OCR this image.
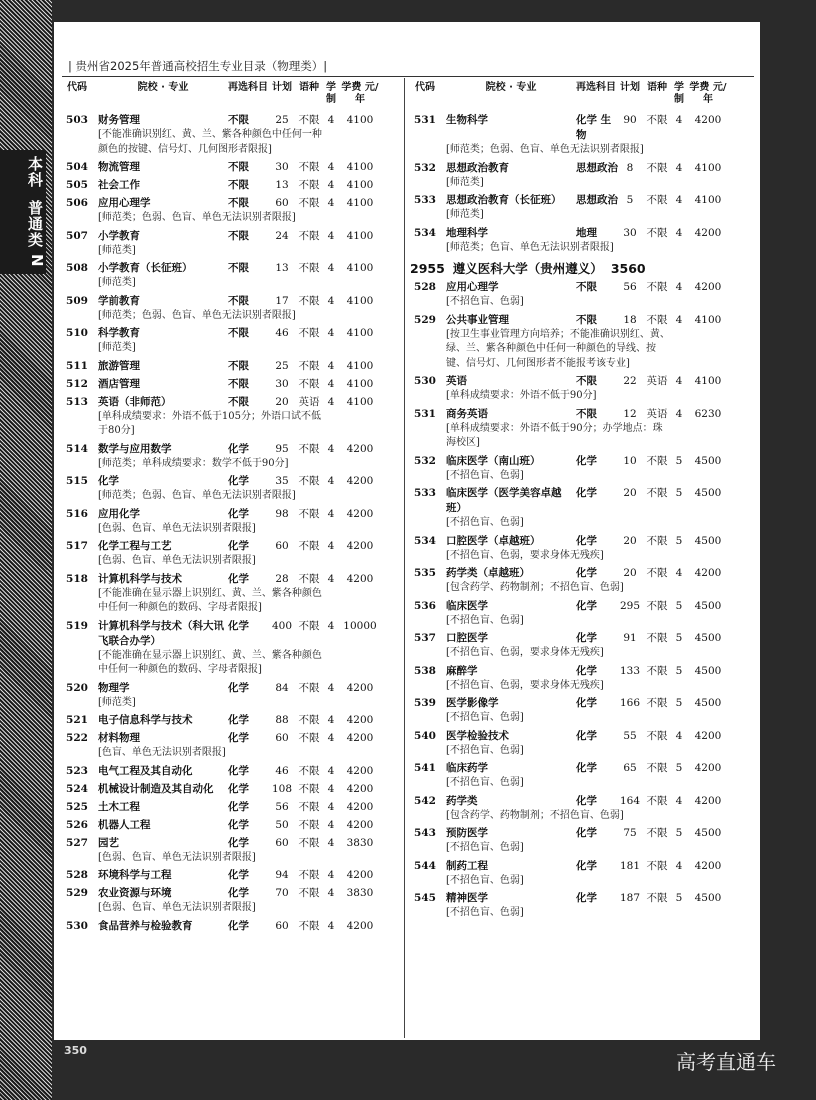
本科
普通类
N
| 贵州省2025年普通高校招生专业目录（物理类）|
代码	院校 · 专业	再选科目 计划 语种 学制
学费 元/年
503 财务管理	不限	25 不限 4	4100
[不能准确识别红、黄、兰、紫各种颜色中任何一种颜色的按键、信号灯、几何图形者限报]
504 物流管理	不限	30 不限 4	4100
505 社会工作	不限	13 不限 4	4100
506 应用心理学	不限	60 不限 4	4100
[师范类；色弱、色盲、单色无法识别者限报]
507 小学教育	不限	24 不限 4	4100
[师范类]
508 小学教育（长征班）	不限	13 不限 4	4100
[师范类]
509 学前教育	不限	17 不限 4	4100
[师范类；色弱、色盲、单色无法识别者限报]
510 科学教育	不限	46 不限 4	4100
[师范类]
511 旅游管理	不限	25 不限 4	4100
512 酒店管理	不限	30 不限 4	4100
513 英语（非师范）	不限	20 英语 4	4100
[单科成绩要求：外语不低于105分；外语口试不低于80分]
514 数学与应用数学	化学	95 不限 4	4200
[师范类；单科成绩要求：数学不低于90分]
515 化学	化学	35 不限 4	4200
[师范类；色弱、色盲、单色无法识别者限报]
516 应用化学	化学	98 不限 4	4200
[色弱、色盲、单色无法识别者限报]
517 化学工程与工艺	化学	60 不限 4	4200
[色弱、色盲、单色无法识别者限报]
518 计算机科学与技术	化学	28 不限 4	4200
[不能准确在显示器上识别红、黄、兰、紫各种颜色中任何一种颜色的数码、字母者限报]
519 计算机科学与技术（科大讯飞联合办学）
化学	400 不限 4 10000
[不能准确在显示器上识别红、黄、兰、紫各种颜色中任何一种颜色的数码、字母者限报]
520 物理学	化学	84 不限 4	4200
[师范类]
521 电子信息科学与技术	化学	88 不限 4	4200
522 材料物理	化学	60 不限 4	4200
[色盲、单色无法识别者限报]
523 电气工程及其自动化	化学	46 不限 4	4200
524 机械设计制造及其自动化	化学	108 不限 4	4200
525 土木工程	化学	56 不限 4	4200
526 机器人工程	化学	50 不限 4	4200
527 园艺	化学	60 不限 4	3830
[色弱、色盲、单色无法识别者限报]
528 环境科学与工程	化学	94 不限 4	4200
529 农业资源与环境	化学	70 不限 4	3830
[色弱、色盲、单色无法识别者限报]
530 食品营养与检验教育	化学	60 不限 4	4200
代码	院校 · 专业	再选科目 计划 语种 学制
学费 元/年
531 生物科学	化学 生物
90 不限 4	4200
[师范类；色弱、色盲、单色无法识别者限报]
532 思想政治教育	思想政治 8	不限 4	4100
[师范类]
533 思想政治教育（长征班）	思想政治 5	不限 4	4100
[师范类]
534 地理科学	地理	30 不限 4	4200
[师范类；色盲、单色无法识别者限报]
2955 遵义医科大学（贵州遵义） 3560
528 应用心理学	不限	56 不限 4	4200
[不招色盲、色弱]
529 公共事业管理	不限	18 不限 4	4100
[按卫生事业管理方向培养；不能准确识别红、黄、绿、兰、紫各种颜色中任何一种颜色的导线、按键、信号灯、几何图形者不能报考该专业]
530 英语	不限	22 英语 4	4100
[单科成绩要求：外语不低于90分]
531 商务英语	不限	12 英语 4	6230
[单科成绩要求：外语不低于90分；办学地点：珠海校区]
532 临床医学（南山班）	化学	10 不限 5	4500
[不招色盲、色弱]
533 临床医学（医学美容卓越班）
化学	20 不限 5	4500
[不招色盲、色弱]
534 口腔医学（卓越班）	化学	20 不限 5	4500
[不招色盲、色弱，要求身体无残疾]
535 药学类（卓越班）	化学	20 不限 4	4200
[包含药学、药物制剂；不招色盲、色弱]
536 临床医学	化学	295 不限 5	4500
[不招色盲、色弱]
537 口腔医学	化学	91 不限 5	4500
[不招色盲、色弱，要求身体无残疾]
538 麻醉学	化学	133 不限 5	4500
[不招色盲、色弱，要求身体无残疾]
539 医学影像学	化学	166 不限 5	4500
[不招色盲、色弱]
540 医学检验技术	化学	55 不限 4	4200
[不招色盲、色弱]
541 临床药学	化学	65 不限 5	4200
[不招色盲、色弱]
542 药学类	化学	164 不限 4	4200
[包含药学、药物制剂；不招色盲、色弱]
543 预防医学	化学	75 不限 5	4500
[不招色盲、色弱]
544 制药工程	化学	181 不限 4	4200
[不招色盲、色弱]
545 精神医学	化学	187 不限 5	4500
[不招色盲、色弱]
350	高考直通车
